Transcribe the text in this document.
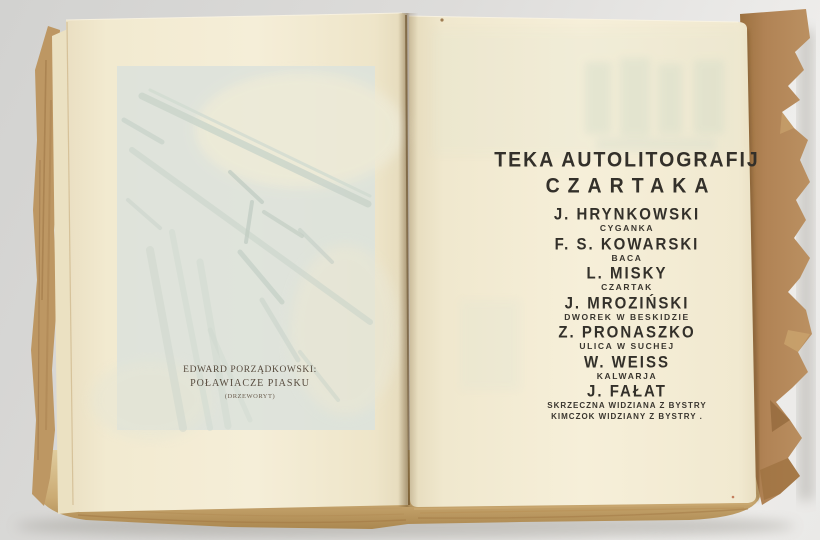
EDWARD PORZĄDKOWSKI:
POŁAWIACZE PIASKU
(DRZEWORYT)
TEKA AUTOLITOGRAFIJ
CZARTAKA
J. HRYNKOWSKI
CYGANKA
F. S. KOWARSKI
BACA
L. MISKY
CZARTAK
J. MROZIŃSKI
DWOREK W BESKIDZIE
Z. PRONASZKO
ULICA W SUCHEJ
W. WEISS
KALWARJA
J. FAŁAT
SKRZECZNA WIDZIANA Z BYSTRY
KIMCZOK WIDZIANY Z BYSTRY .
